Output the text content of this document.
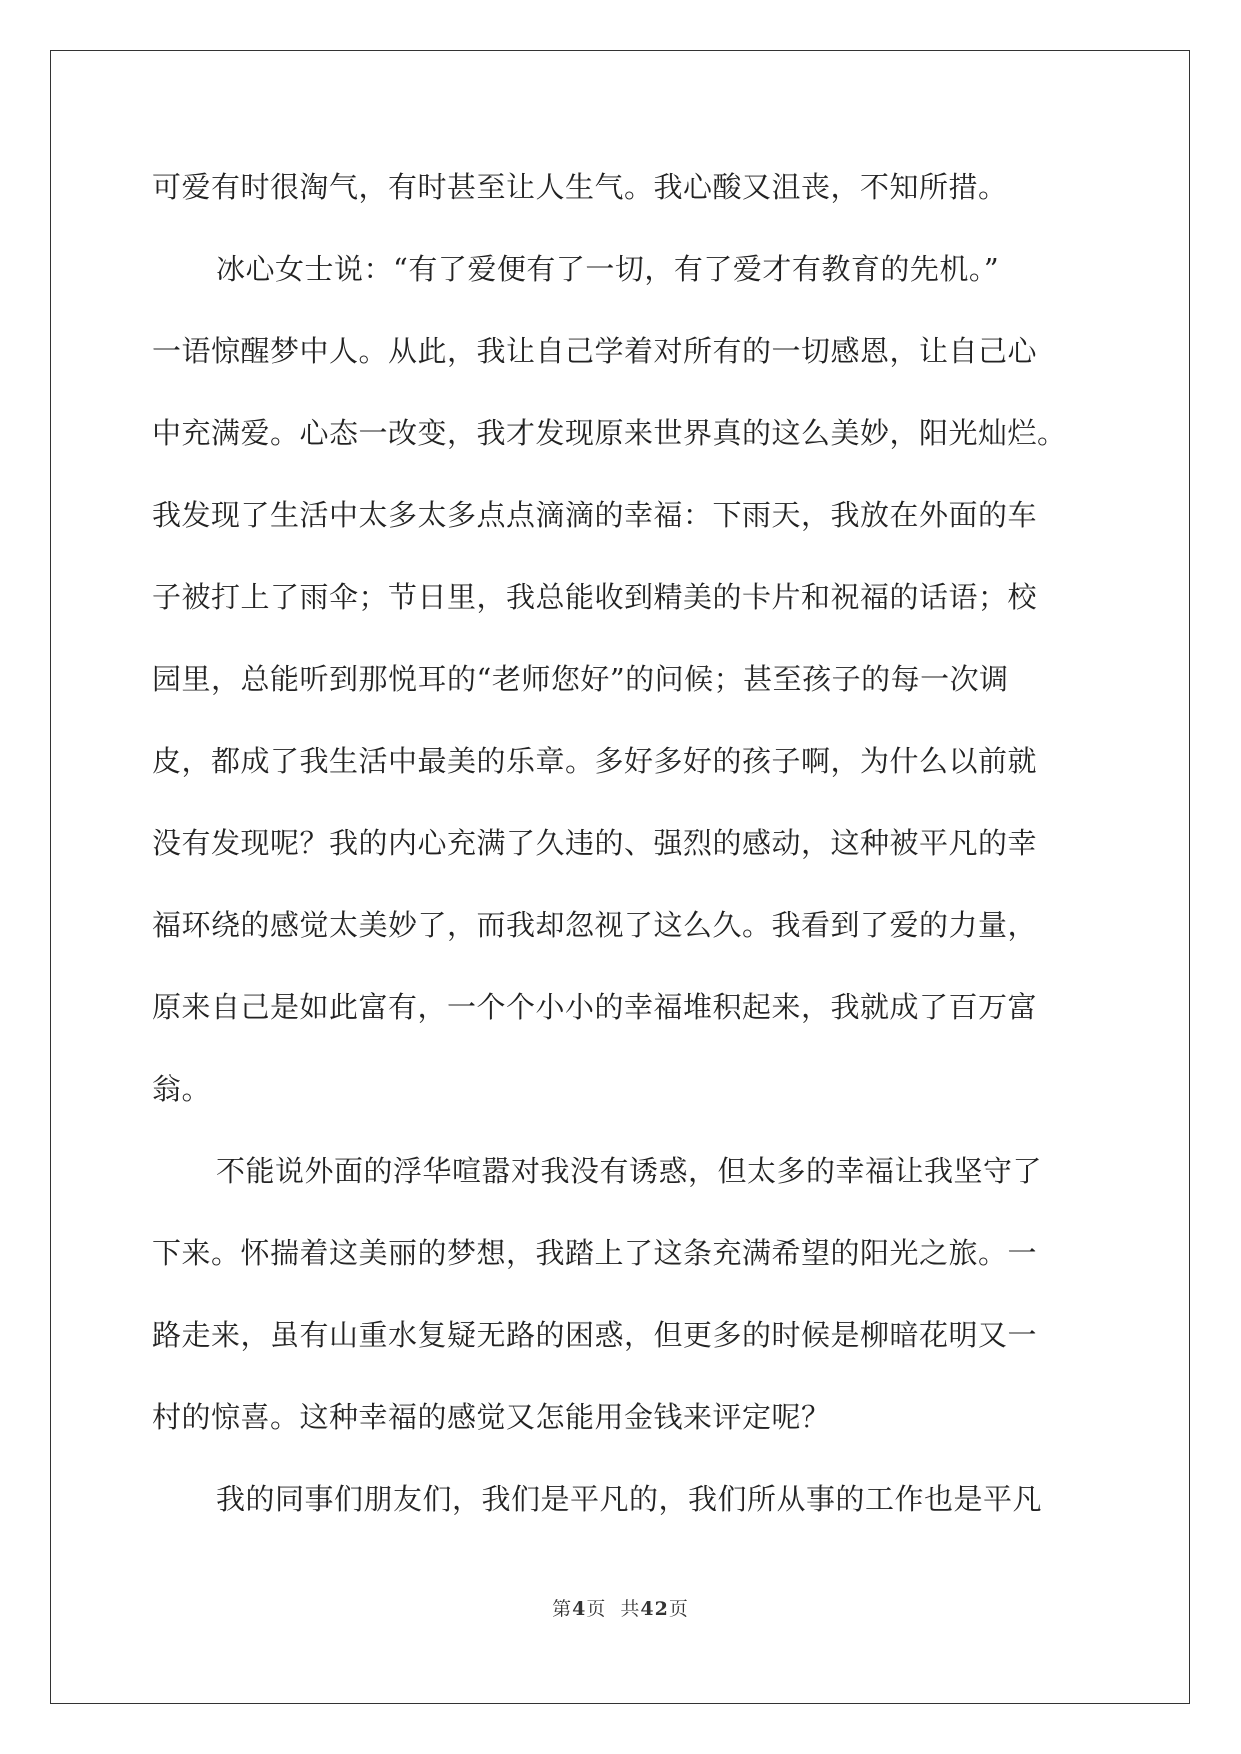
可爱有时很淘气，有时甚至让人生气。我心酸又沮丧，不知所措。
冰心女士说：“有了爱便有了一切，有了爱才有教育的先机。”
一语惊醒梦中人。从此，我让自己学着对所有的一切感恩，让自己心
中充满爱。心态一改变，我才发现原来世界真的这么美妙，阳光灿烂。
我发现了生活中太多太多点点滴滴的幸福：下雨天，我放在外面的车
子被打上了雨伞；节日里，我总能收到精美的卡片和祝福的话语；校
园里，总能听到那悦耳的“老师您好”的问候；甚至孩子的每一次调
皮，都成了我生活中最美的乐章。多好多好的孩子啊，为什么以前就
没有发现呢？我的内心充满了久违的、强烈的感动，这种被平凡的幸
福环绕的感觉太美妙了，而我却忽视了这么久。我看到了爱的力量，
原来自己是如此富有，一个个小小的幸福堆积起来，我就成了百万富
翁。
不能说外面的浮华喧嚣对我没有诱惑，但太多的幸福让我坚守了
下来。怀揣着这美丽的梦想，我踏上了这条充满希望的阳光之旅。一
路走来，虽有山重水复疑无路的困惑，但更多的时候是柳暗花明又一
村的惊喜。这种幸福的感觉又怎能用金钱来评定呢？
我的同事们朋友们，我们是平凡的，我们所从事的工作也是平凡
第4页 共42页
